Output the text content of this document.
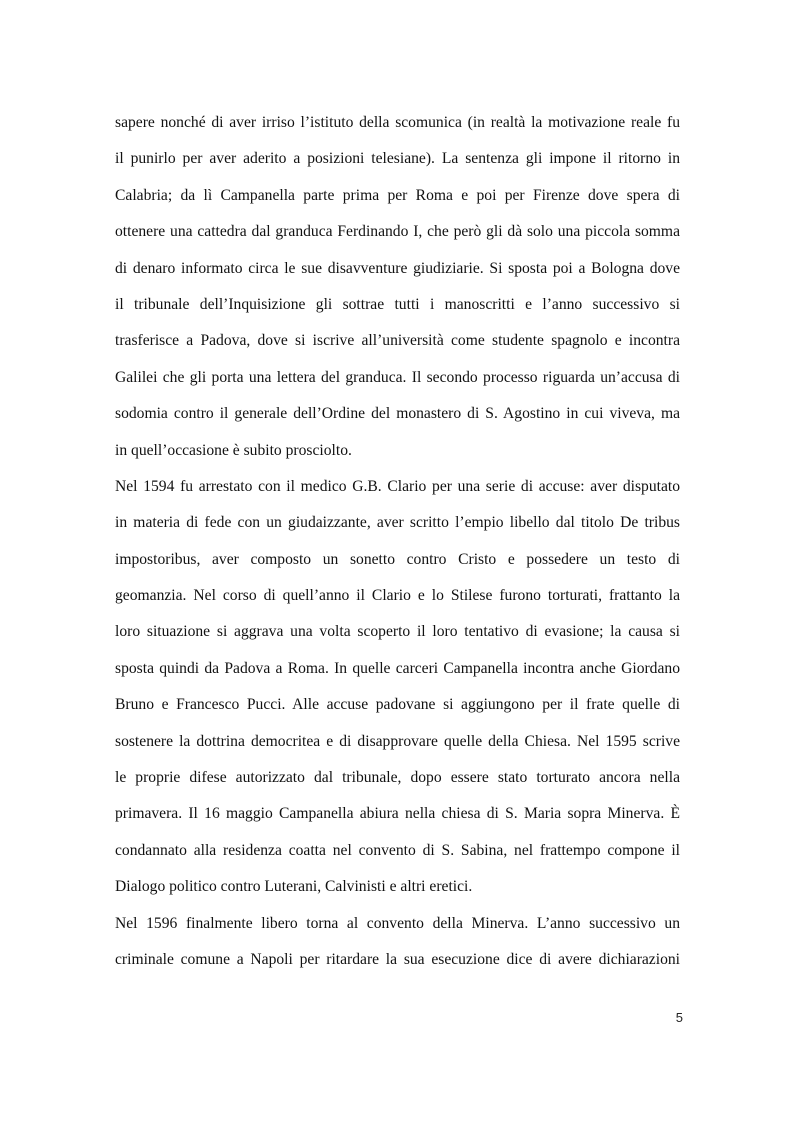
sapere nonché di aver irriso l’istituto della scomunica (in realtà la motivazione reale fu
il punirlo per aver aderito a posizioni telesiane). La sentenza gli impone il ritorno in
Calabria; da lì Campanella parte prima per Roma e poi per Firenze dove spera di
ottenere una cattedra dal granduca Ferdinando I, che però gli dà solo una piccola somma
di denaro informato circa le sue disavventure giudiziarie. Si sposta poi a Bologna dove
il tribunale dell’Inquisizione gli sottrae tutti i manoscritti e l’anno successivo si
trasferisce a Padova, dove si iscrive all’università come studente spagnolo e incontra
Galilei che gli porta una lettera del granduca. Il secondo processo riguarda un’accusa di
sodomia contro il generale dell’Ordine del monastero di S. Agostino in cui viveva, ma
in quell’occasione è subito prosciolto.
Nel 1594 fu arrestato con il medico G.B. Clario per una serie di accuse: aver disputato
in materia di fede con un giudaizzante, aver scritto l’empio libello dal titolo De tribus
impostoribus, aver composto un sonetto contro Cristo e possedere un testo di
geomanzia. Nel corso di quell’anno il Clario e lo Stilese furono torturati, frattanto la
loro situazione si aggrava una volta scoperto il loro tentativo di evasione; la causa si
sposta quindi da Padova a Roma. In quelle carceri Campanella incontra anche Giordano
Bruno e Francesco Pucci. Alle accuse padovane si aggiungono per il frate quelle di
sostenere la dottrina democritea e di disapprovare quelle della Chiesa. Nel 1595 scrive
le proprie difese autorizzato dal tribunale, dopo essere stato torturato ancora nella
primavera. Il 16 maggio Campanella abiura nella chiesa di S. Maria sopra Minerva. È
condannato alla residenza coatta nel convento di S. Sabina, nel frattempo compone il
Dialogo politico contro Luterani, Calvinisti e altri eretici.
Nel 1596 finalmente libero torna al convento della Minerva. L’anno successivo un
criminale comune a Napoli per ritardare la sua esecuzione dice di avere dichiarazioni
5
